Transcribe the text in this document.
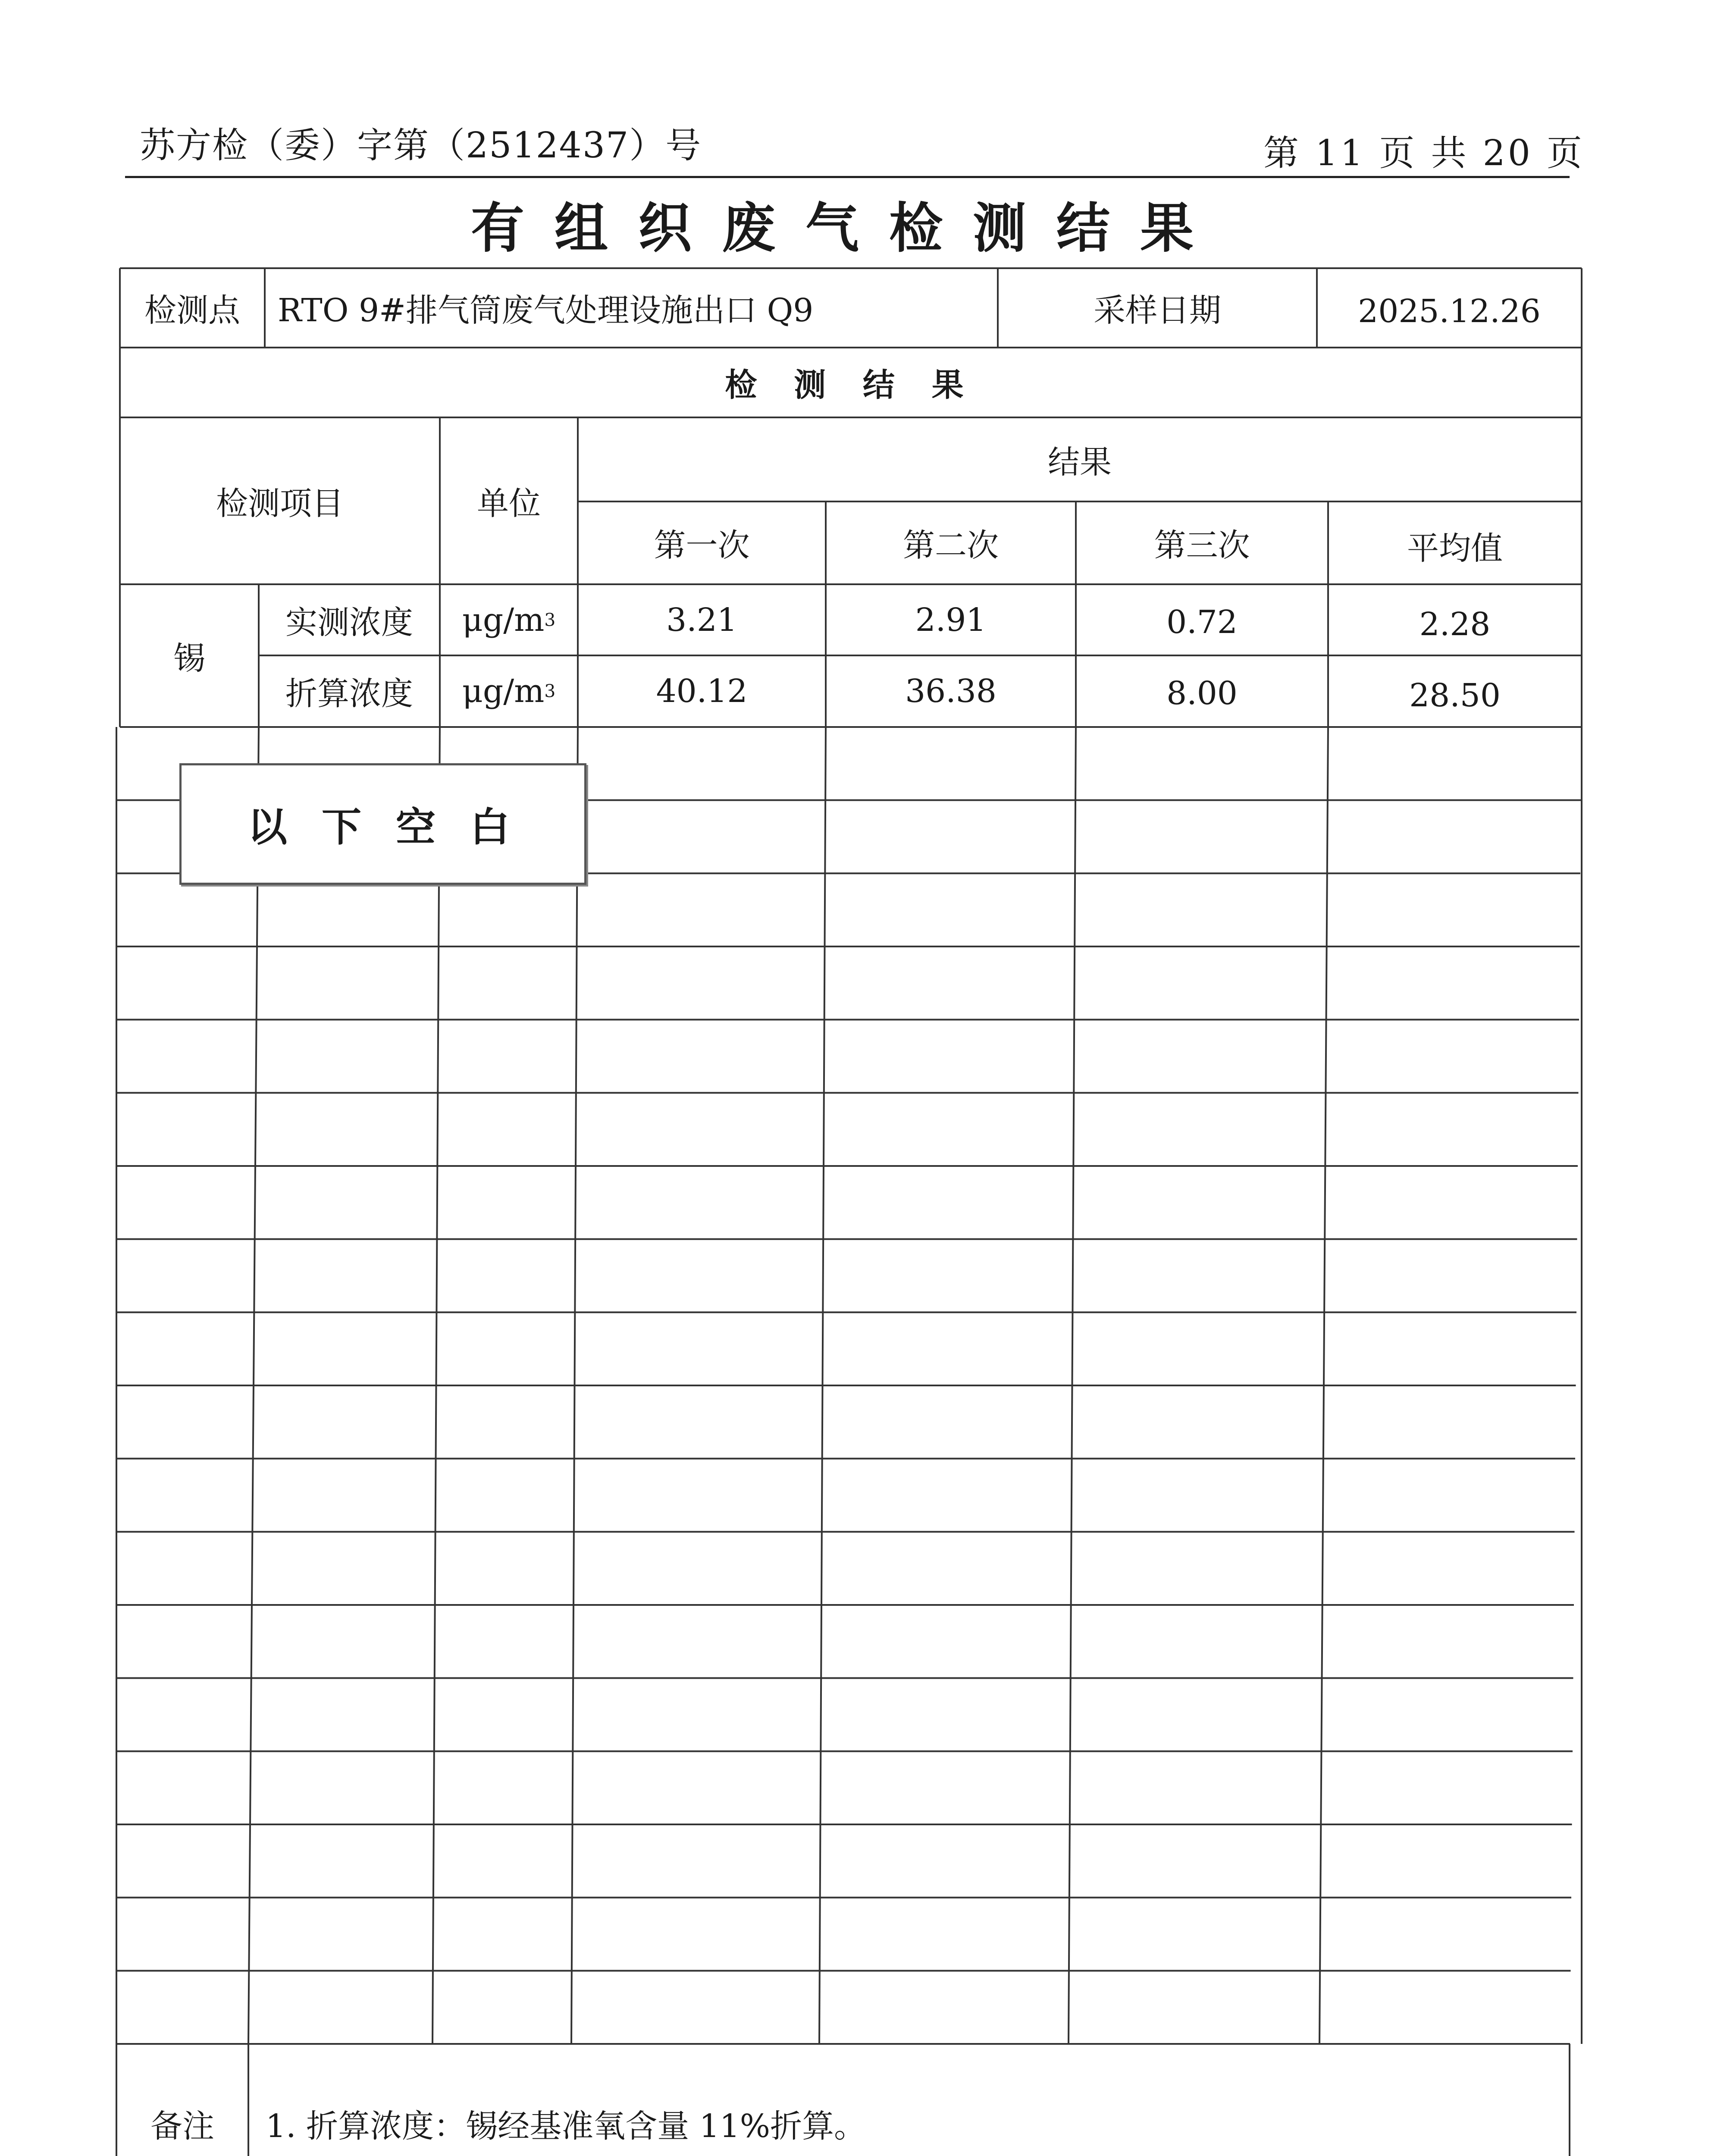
苏方检（委）字第（2512437）号	第 11 页 共 20 页
有组织废气检测结果
检测点	RTO 9#排气筒废气处理设施出口 Q9	采样日期	2025.12.26
检 测 结 果
检测项目	单位
结果
第一次	第二次	第三次	平均值
锡
实测浓度	μg/m 3	3.21	2.91	0.72	2.28
折算浓度	μg/m 3	40.12	36.38	8.00	28.50
以下空白
备注	1. 折算浓度：锡经基准氧含量 11%折算。
